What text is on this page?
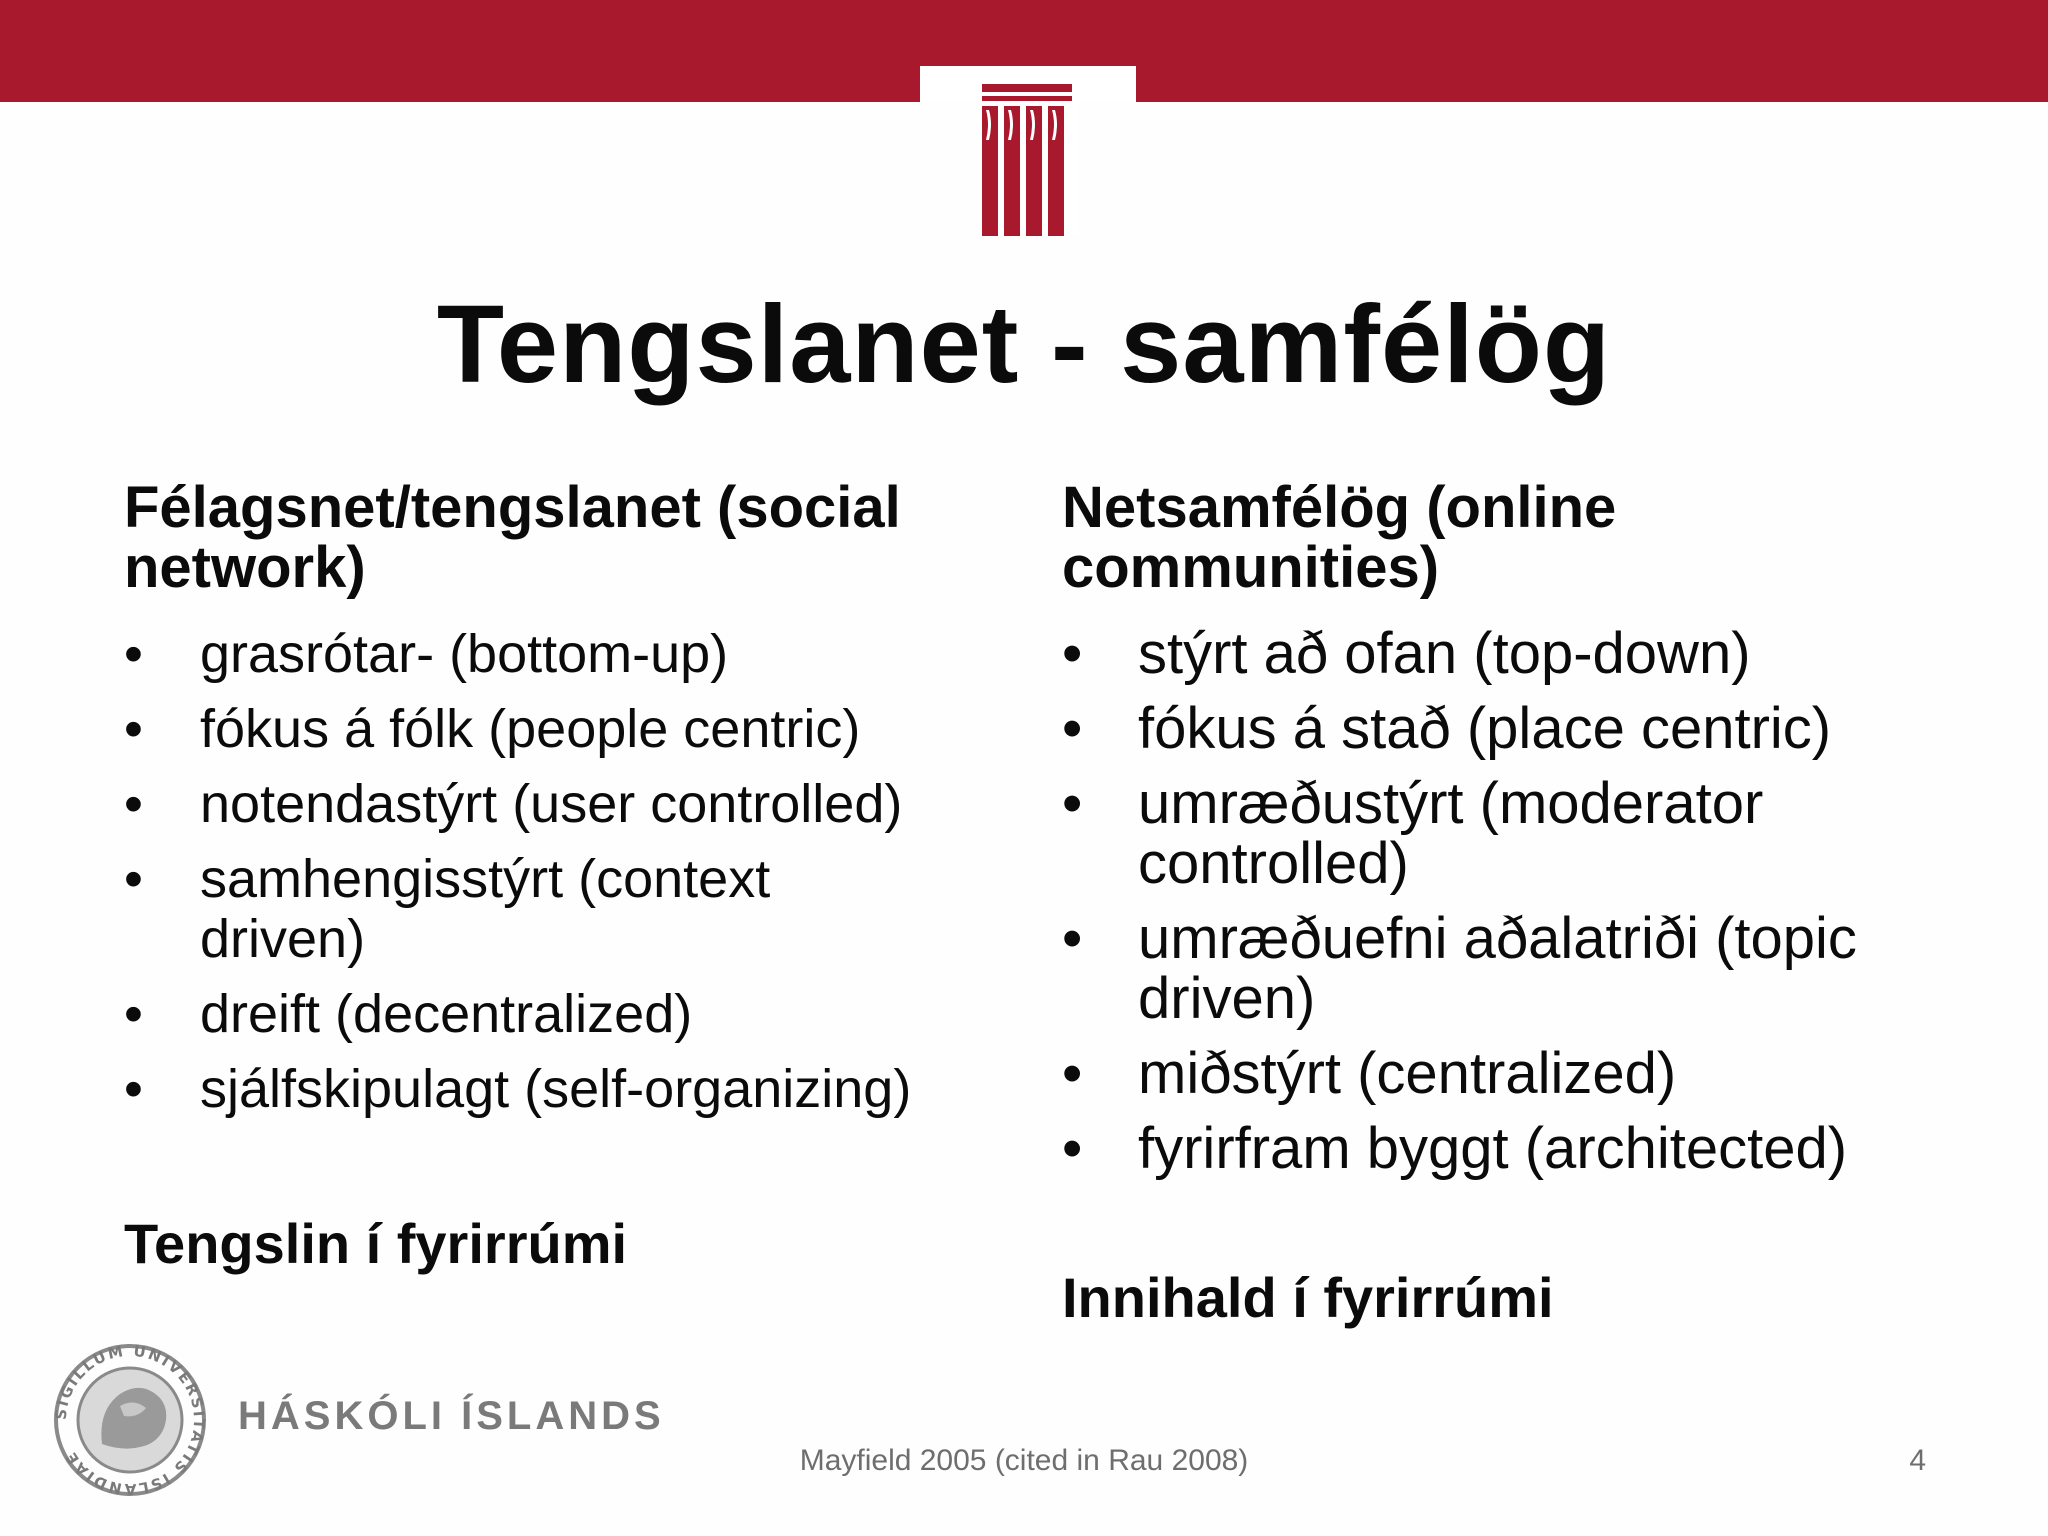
Tengslanet - samfélög
Félagsnet/tengslanet (social network)
• grasrótar- (bottom-up)
• fókus á fólk (people centric)
• notendastýrt (user controlled)
• samhengisstýrt (context driven)
• dreift (decentralized)
• sjálfskipulagt (self-organizing)
Netsamfélög (online communities)
• stýrt að ofan (top-down)
• fókus á stað (place centric)
• umræðustýrt (moderator controlled)
• umræðuefni aðalatriði (topic driven)
• miðstýrt (centralized)
• fyrirfram byggt (architected)
Tengslin í fyrirrúmi
Innihald í fyrirrúmi
SIGILLUM UNIVERSITATIS ISLANDIAE
HÁSKÓLI ÍSLANDS
Mayfield 2005 (cited in Rau 2008)	4
